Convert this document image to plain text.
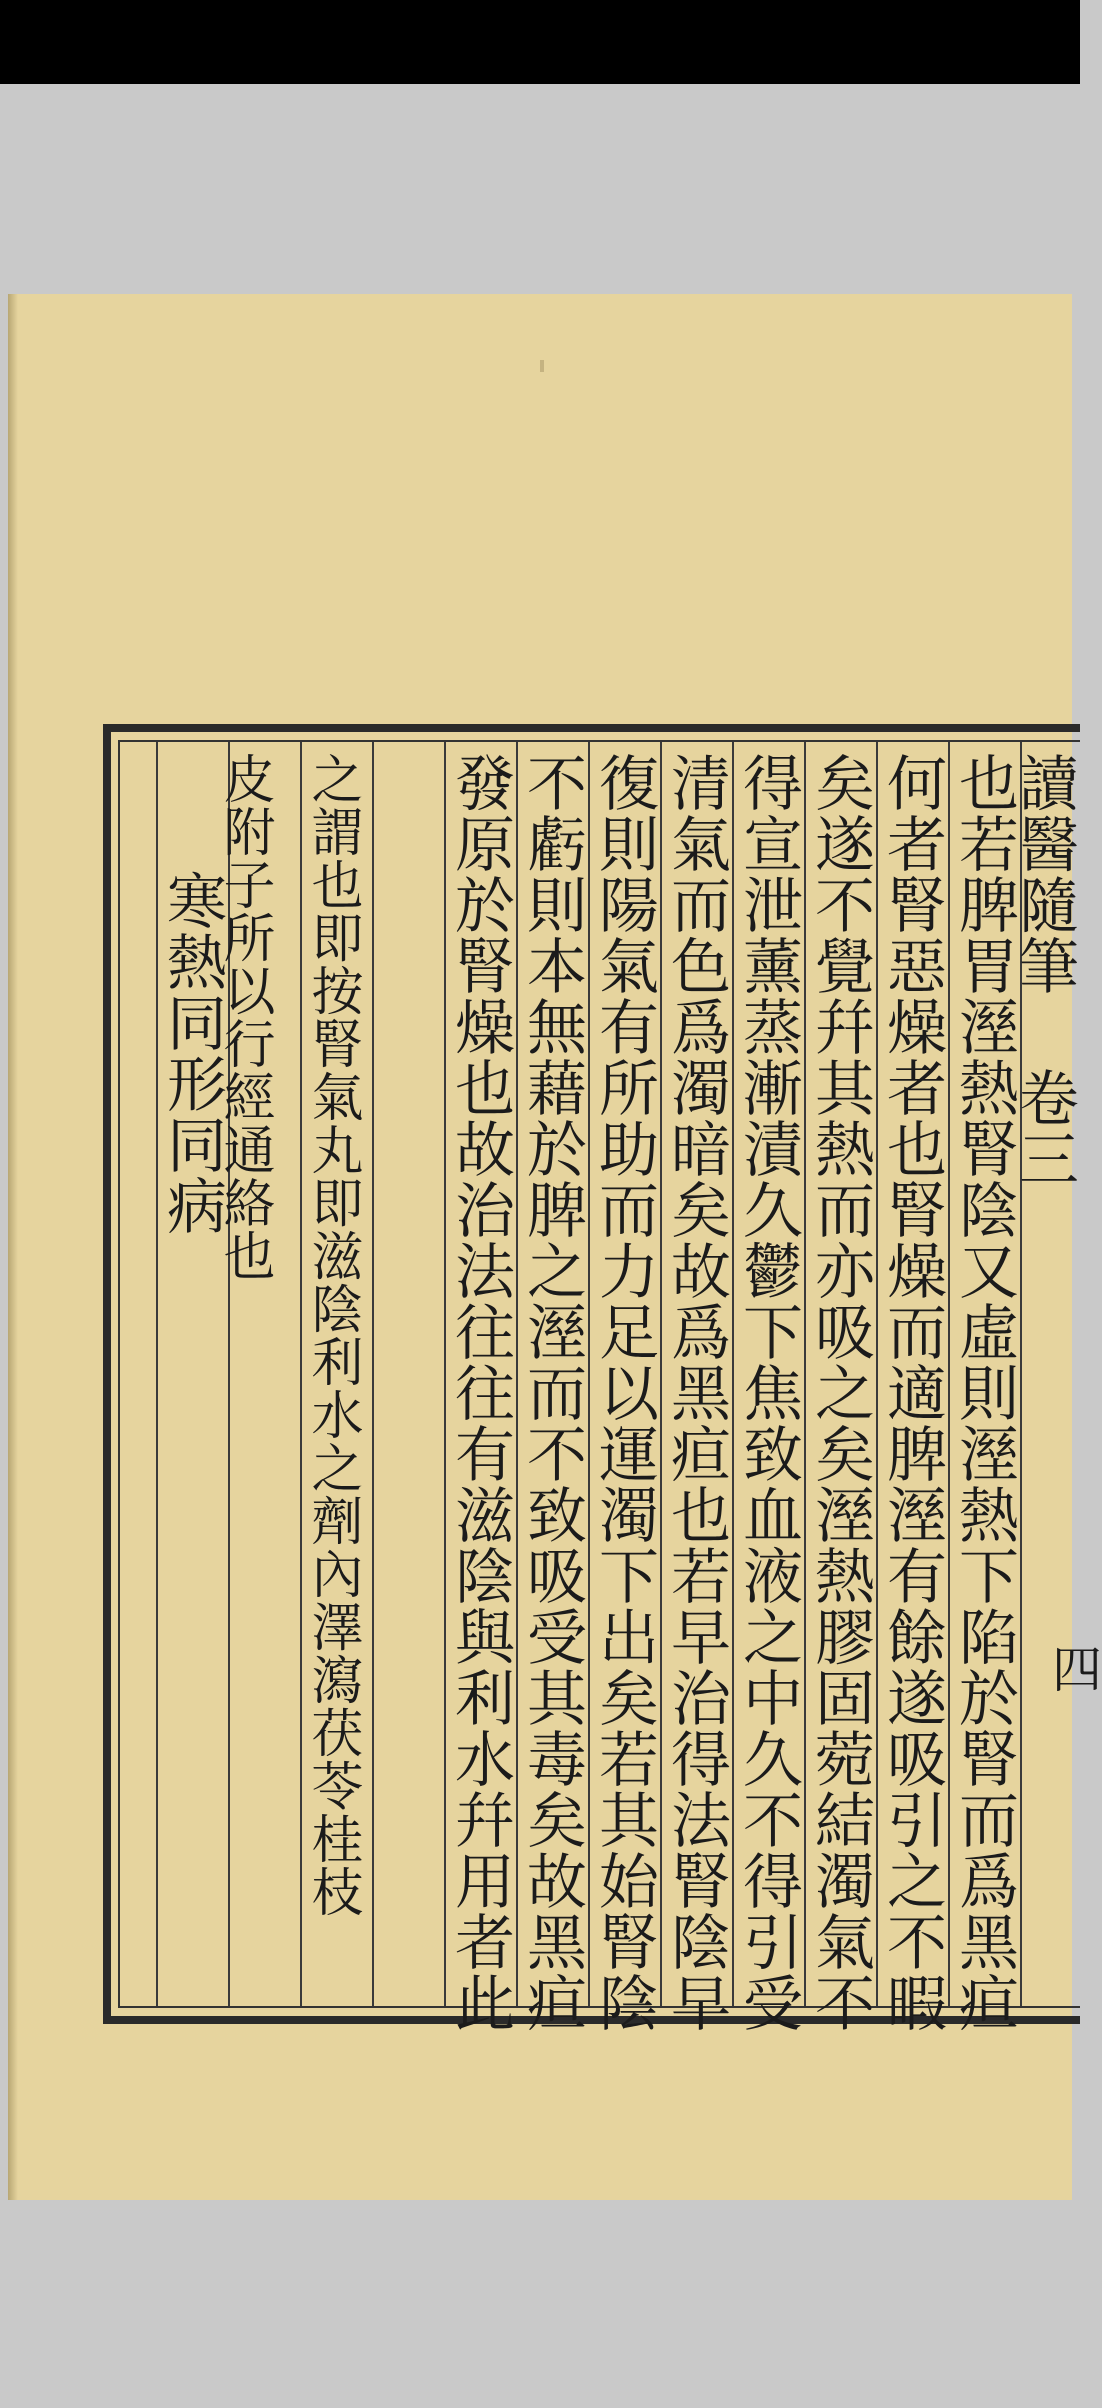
讀醫隨筆 卷三
也若脾胃溼熱腎陰又虛則溼熱下陷於腎而爲黑疸
何者腎惡燥者也腎燥而適脾溼有餘遂吸引之不暇
矣遂不覺幷其熱而亦吸之矣溼熱膠固菀結濁氣不
得宣泄薰蒸漸漬久鬱下焦致血液之中久不得引受
清氣而色爲濁暗矣故爲黑疸也若早治得法腎陰早
復則陽氣有所助而力足以運濁下出矣若其始腎陰
不虧則本無藉於脾之溼而不致吸受其毒矣故黑疸
發原於腎燥也故治法往往有滋陰與利水幷用者此
之謂也即按腎氣丸即滋陰利水之劑內澤瀉茯苓桂枝
皮附子所以行經通絡也
寒熱同形同病
四
